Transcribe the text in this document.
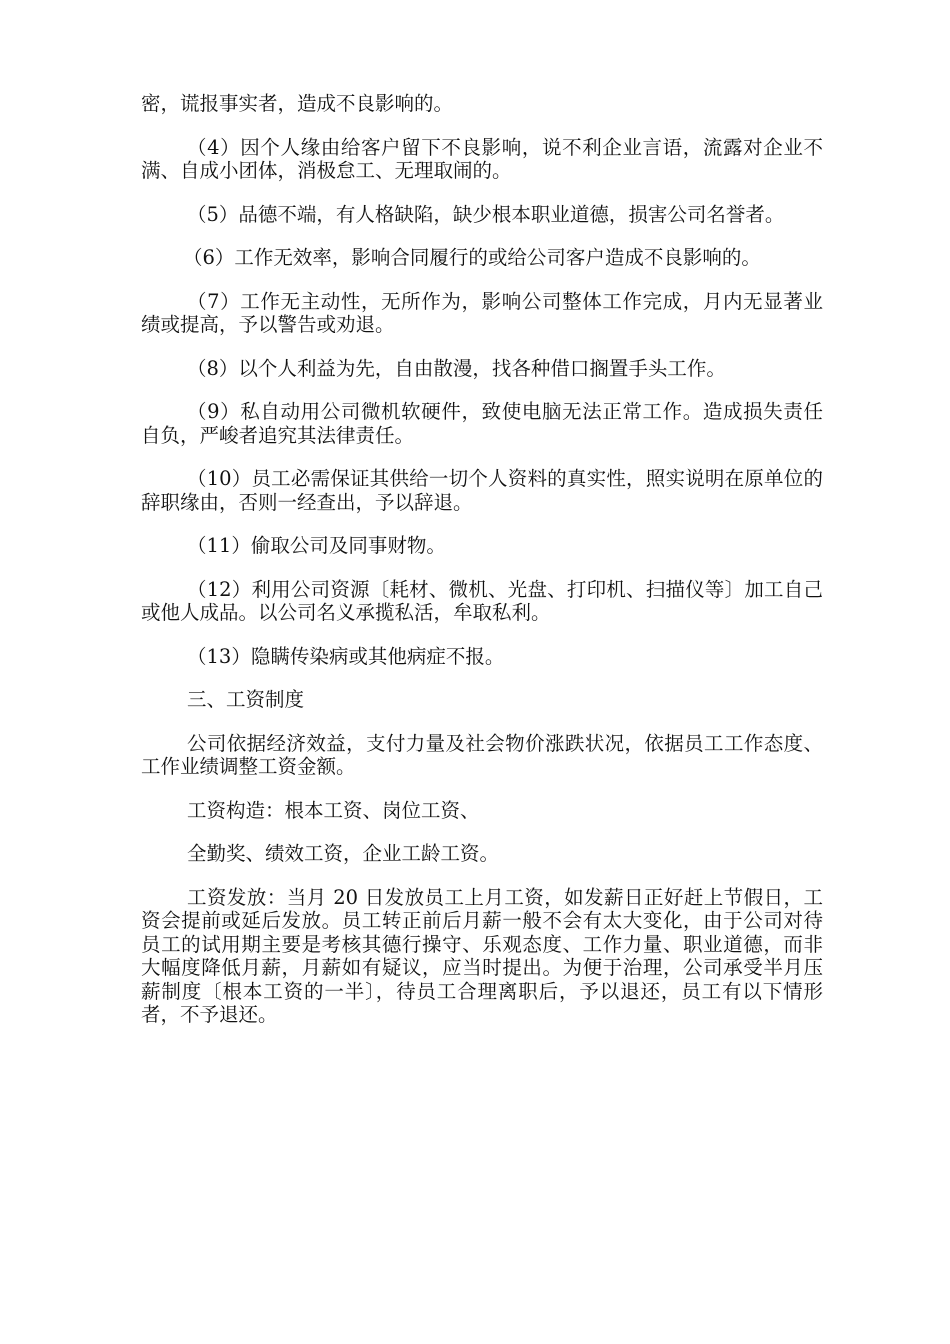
密，谎报事实者，造成不良影响的。

（4）因个人缘由给客户留下不良影响，说不利企业言语，流露对企业不满、自成小团体，消极怠工、无理取闹的。

（5）品德不端，有人格缺陷，缺少根本职业道德，损害公司名誉者。

（6）工作无效率，影响合同履行的或给公司客户造成不良影响的。

（7）工作无主动性，无所作为，影响公司整体工作完成，月内无显著业绩或提高，予以警告或劝退。

（8）以个人利益为先，自由散漫，找各种借口搁置手头工作。

（9）私自动用公司微机软硬件，致使电脑无法正常工作。造成损失责任自负，严峻者追究其法律责任。

（10）员工必需保证其供给一切个人资料的真实性，照实说明在原单位的辞职缘由，否则一经查出，予以辞退。

（11）偷取公司及同事财物。

（12）利用公司资源〔耗材、微机、光盘、打印机、扫描仪等〕加工自己或他人成品。以公司名义承揽私活，牟取私利。

（13）隐瞒传染病或其他病症不报。

三、工资制度

公司依据经济效益，支付力量及社会物价涨跌状况，依据员工工作态度、工作业绩调整工资金额。

工资构造：根本工资、岗位工资、

全勤奖、绩效工资，企业工龄工资。

工资发放：当月 20 日发放员工上月工资，如发薪日正好赶上节假日，工资会提前或延后发放。员工转正前后月薪一般不会有太大变化，由于公司对待员工的试用期主要是考核其德行操守、乐观态度、工作力量、职业道德，而非大幅度降低月薪，月薪如有疑议，应当时提出。为便于治理，公司承受半月压薪制度〔根本工资的一半〕，待员工合理离职后，予以退还，员工有以下情形者，不予退还。
